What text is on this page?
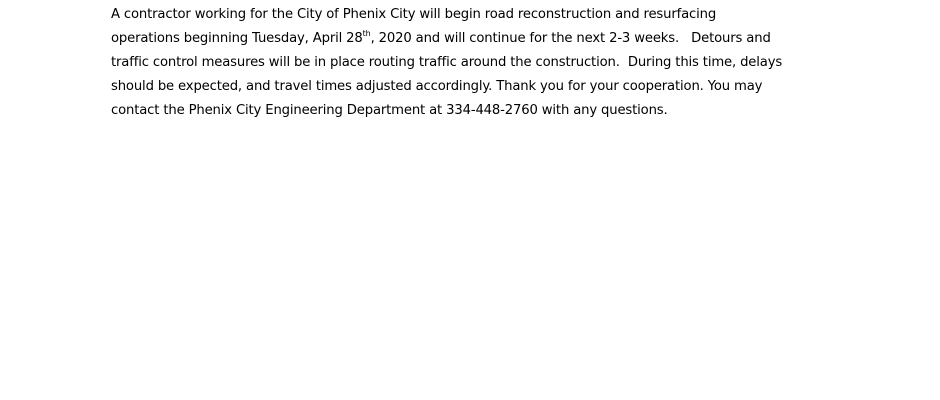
A contractor working for the City of Phenix City will begin road reconstruction and resurfacing
operations beginning Tuesday, April 28th, 2020 and will continue for the next 2-3 weeks.   Detours and
traffic control measures will be in place routing traffic around the construction.  During this time, delays
should be expected, and travel times adjusted accordingly. Thank you for your cooperation. You may
contact the Phenix City Engineering Department at 334-448-2760 with any questions.
